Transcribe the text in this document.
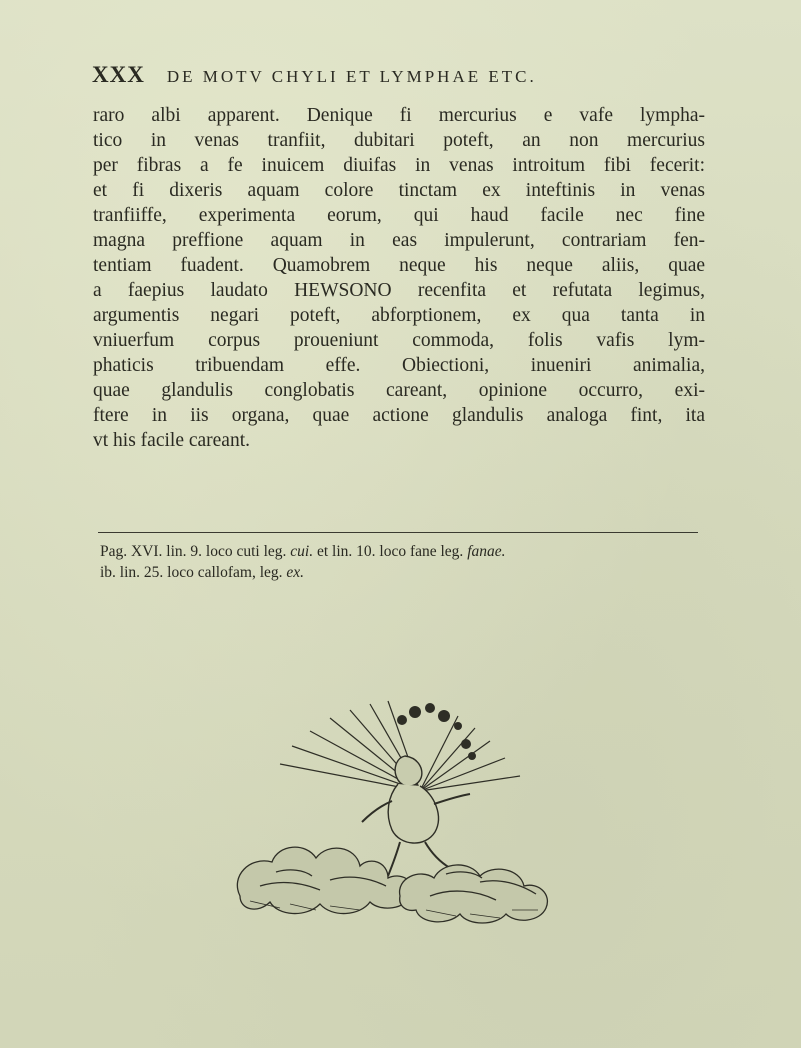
XXX DE MOTV CHYLI ET LYMPHAE ETC.
raro albi apparent. Denique fi mercurius e vafe lympha-
tico in venas tranfiit, dubitari poteft, an non mercurius
per fibras a fe inuicem diuifas in venas introitum fibi fecerit:
et fi dixeris aquam colore tinctam ex inteftinis in venas
tranfiiffe, experimenta eorum, qui haud facile nec fine
magna preffione aquam in eas impulerunt, contrariam fen-
tentiam fuadent. Quamobrem neque his neque aliis, quae
a faepius laudato HEWSONO recenfita et refutata legimus,
argumentis negari poteft, abforptionem, ex qua tanta in
vniuerfum corpus proueniunt commoda, folis vafis lym-
phaticis tribuendam effe. Obiectioni, inueniri animalia,
quae glandulis conglobatis careant, opinione occurro, exi-
ftere in iis organa, quae actione glandulis analoga fint, ita
vt his facile careant.
Pag. XVI. lin. 9. loco cuti leg. cui. et lin. 10. loco fane leg. fanae.
ib. lin. 25. loco callofam, leg. ex.
